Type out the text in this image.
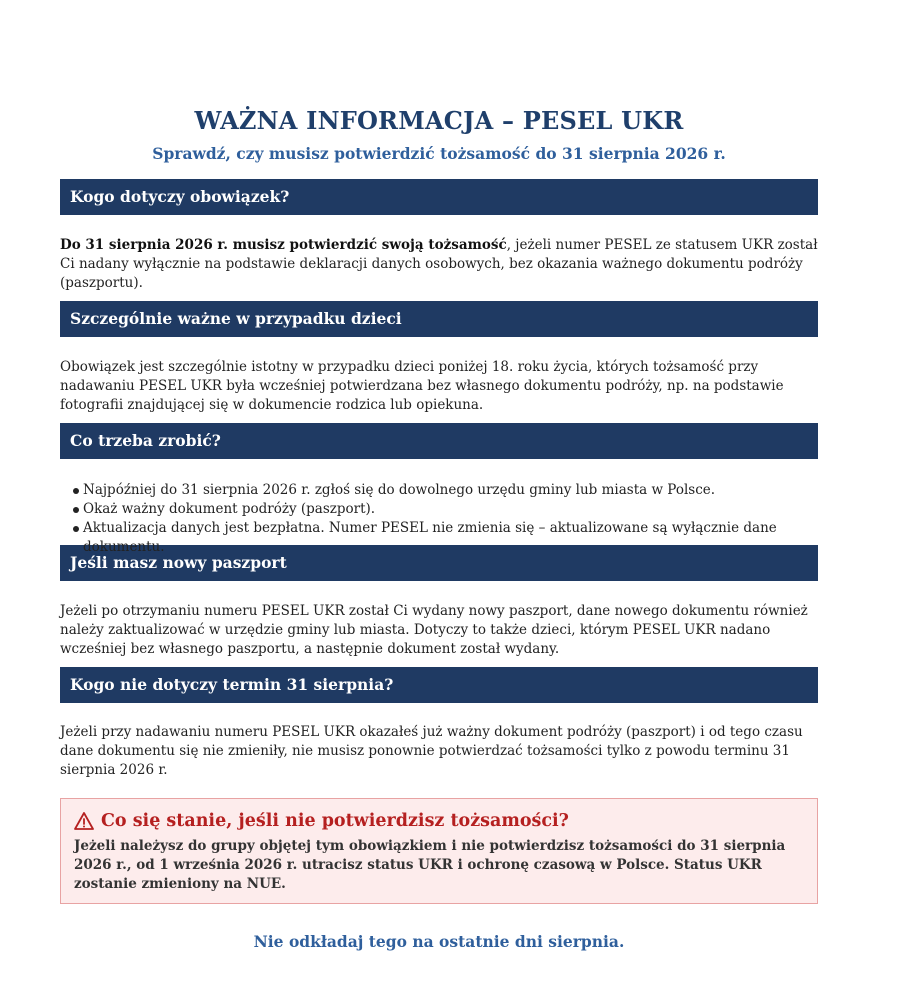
WAŻNA INFORMACJA – PESEL UKR
Sprawdź, czy musisz potwierdzić tożsamość do 31 sierpnia 2026 r.
Kogo dotyczy obowiązek?

Do 31 sierpnia 2026 r. musisz potwierdzić swoją tożsamość, jeżeli numer PESEL ze statusem UKR został Ci nadany wyłącznie na podstawie deklaracji danych osobowych, bez okazania ważnego dokumentu podróży (paszportu).

Szczególnie ważne w przypadku dzieci

Obowiązek jest szczególnie istotny w przypadku dzieci poniżej 18. roku życia, których tożsamość przy nadawaniu PESEL UKR była wcześniej potwierdzana bez własnego dokumentu podróży, np. na podstawie fotografii znajdującej się w dokumencie rodzica lub opiekuna.

Co trzeba zrobić?
Najpóźniej do 31 sierpnia 2026 r. zgłoś się do dowolnego urzędu gminy lub miasta w Polsce.
Okaż ważny dokument podróży (paszport).
Aktualizacja danych jest bezpłatna. Numer PESEL nie zmienia się – aktualizowane są wyłącznie dane dokumentu.
Jeśli masz nowy paszport

Jeżeli po otrzymaniu numeru PESEL UKR został Ci wydany nowy paszport, dane nowego dokumentu również należy zaktualizować w urzędzie gminy lub miasta. Dotyczy to także dzieci, którym PESEL UKR nadano wcześniej bez własnego paszportu, a następnie dokument został wydany.

Kogo nie dotyczy termin 31 sierpnia?

Jeżeli przy nadawaniu numeru PESEL UKR okazałeś już ważny dokument podróży (paszport) i od tego czasu dane dokumentu się nie zmieniły, nie musisz ponownie potwierdzać tożsamości tylko z powodu terminu 31 sierpnia 2026 r.

Co się stanie, jeśli nie potwierdzisz tożsamości?

Jeżeli należysz do grupy objętej tym obowiązkiem i nie potwierdzisz tożsamości do 31 sierpnia 2026 r., od 1 września 2026 r. utracisz status UKR i ochronę czasową w Polsce. Status UKR zostanie zmieniony na NUE.

Nie odkładaj tego na ostatnie dni sierpnia.
